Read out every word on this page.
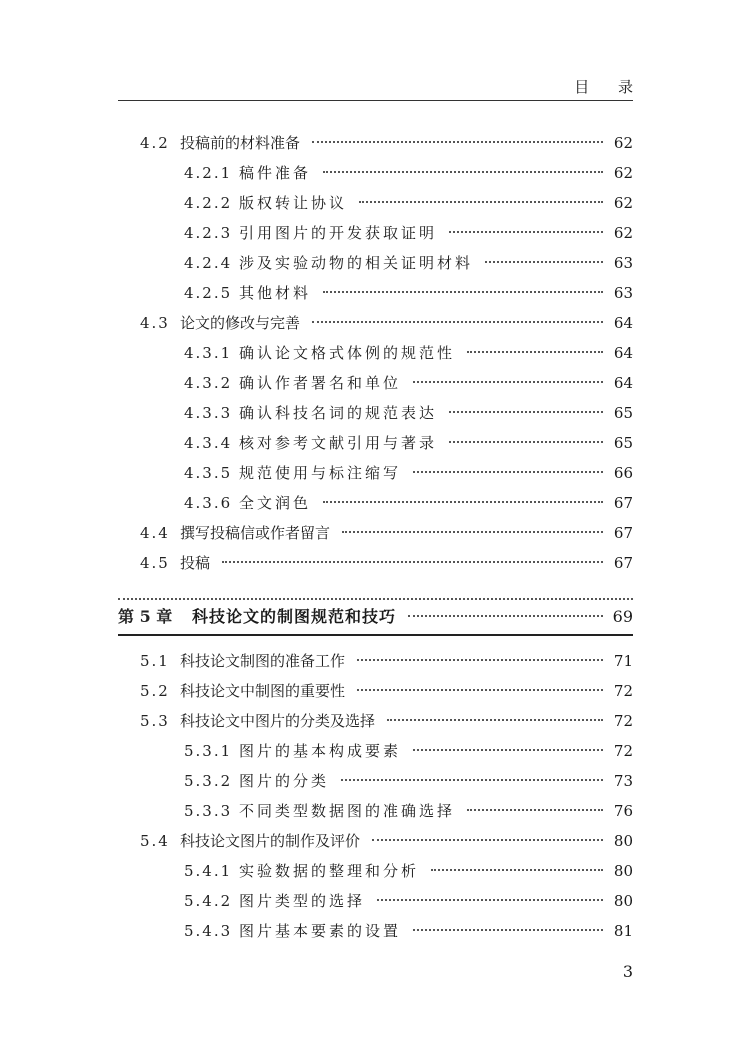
目 录
4.2 投稿前的材料准备	62
4.2.1 稿件准备	62
4.2.2 版权转让协议	62
4.2.3 引用图片的开发获取证明	62
4.2.4 涉及实验动物的相关证明材料	63
4.2.5 其他材料	63
4.3 论文的修改与完善	64
4.3.1 确认论文格式体例的规范性	64
4.3.2 确认作者署名和单位	64
4.3.3 确认科技名词的规范表达	65
4.3.4 核对参考文献引用与著录	65
4.3.5 规范使用与标注缩写	66
4.3.6 全文润色	67
4.4 撰写投稿信或作者留言	67
4.5 投稿	67
第 5 章	科技论文的制图规范和技巧	69
5.1 科技论文制图的准备工作	71
5.2 科技论文中制图的重要性	72
5.3 科技论文中图片的分类及选择	72
5.3.1 图片的基本构成要素	72
5.3.2 图片的分类	73
5.3.3 不同类型数据图的准确选择	76
5.4 科技论文图片的制作及评价	80
5.4.1 实验数据的整理和分析	80
5.4.2 图片类型的选择	80
5.4.3 图片基本要素的设置	81
3
